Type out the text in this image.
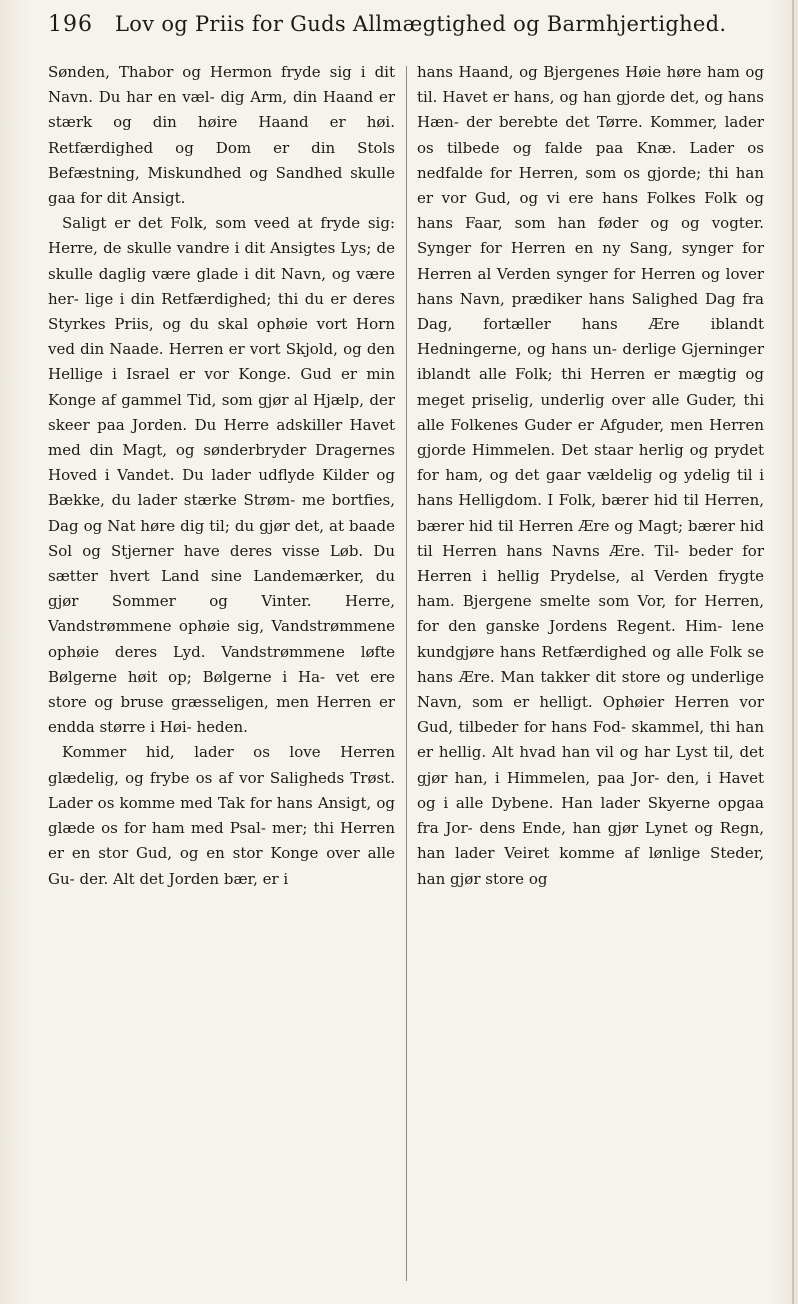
196 Lov og Priis for Guds Allmægtighed og Barmhjertighed.

Sønden, Thabor og Hermon fryde sig i dit Navn. Du har en væl- dig Arm, din Haand er stærk og din høire Haand er høi. Retfærdighed og Dom er din Stols Befæstning, Miskundhed og Sandhed skulle gaa for dit Ansigt.

Saligt er det Folk, som veed at fryde sig: Herre, de skulle vandre i dit Ansigtes Lys; de skulle daglig være glade i dit Navn, og være her- lige i din Retfærdighed; thi du er deres Styrkes Priis, og du skal ophøie vort Horn ved din Naade. Herren er vort Skjold, og den Hellige i Israel er vor Konge. Gud er min Konge af gammel Tid, som gjør al Hjælp, der skeer paa Jorden. Du Herre adskiller Havet med din Magt, og sønderbryder Dragernes Hoved i Vandet. Du lader udflyde Kilder og Bække, du lader stærke Strøm- me bortfies, Dag og Nat høre dig til; du gjør det, at baade Sol og Stjerner have deres visse Løb. Du sætter hvert Land sine Landemærker, du gjør Sommer og Vinter. Herre, Vandstrømmene ophøie sig, Vandstrømmene ophøie deres Lyd. Vandstrømmene løfte Bølgerne høit op; Bølgerne i Ha- vet ere store og bruse græsseligen, men Herren er endda større i Høi- heden.

Kommer hid, lader os love Herren glædelig, og frybe os af vor Saligheds Trøst. Lader os komme med Tak for hans Ansigt, og glæde os for ham med Psal- mer; thi Herren er en stor Gud, og en stor Konge over alle Gu- der. Alt det Jorden bær, er i

hans Haand, og Bjergenes Høie høre ham og til. Havet er hans, og han gjorde det, og hans Hæn- der berebte det Tørre. Kommer, lader os tilbede og falde paa Knæ. Lader os nedfalde for Herren, som os gjorde; thi han er vor Gud, og vi ere hans Folkes Folk og hans Faar, som han føder og og vogter. Synger for Herren en ny Sang, synger for Herren al Verden synger for Herren og lover hans Navn, prædiker hans Salighed Dag fra Dag, fortæller hans Ære iblandt Hedningerne, og hans un- derlige Gjerninger iblandt alle Folk; thi Herren er mægtig og meget priselig, underlig over alle Guder, thi alle Folkenes Guder er Afguder, men Herren gjorde Himmelen. Det staar herlig og prydet for ham, og det gaar vældelig og ydelig til i hans Helligdom. I Folk, bærer hid til Herren, bærer hid til Herren Ære og Magt; bærer hid til Herren hans Navns Ære. Til- beder for Herren i hellig Prydelse, al Verden frygte ham. Bjergene smelte som Vor, for Herren, for den ganske Jordens Regent. Him- lene kundgjøre hans Retfærdighed og alle Folk se hans Ære. Man takker dit store og underlige Navn, som er helligt. Ophøier Herren vor Gud, tilbeder for hans Fod- skammel, thi han er hellig. Alt hvad han vil og har Lyst til, det gjør han, i Himmelen, paa Jor- den, i Havet og i alle Dybene. Han lader Skyerne opgaa fra Jor- dens Ende, han gjør Lynet og Regn, han lader Veiret komme af lønlige Steder, han gjør store og
